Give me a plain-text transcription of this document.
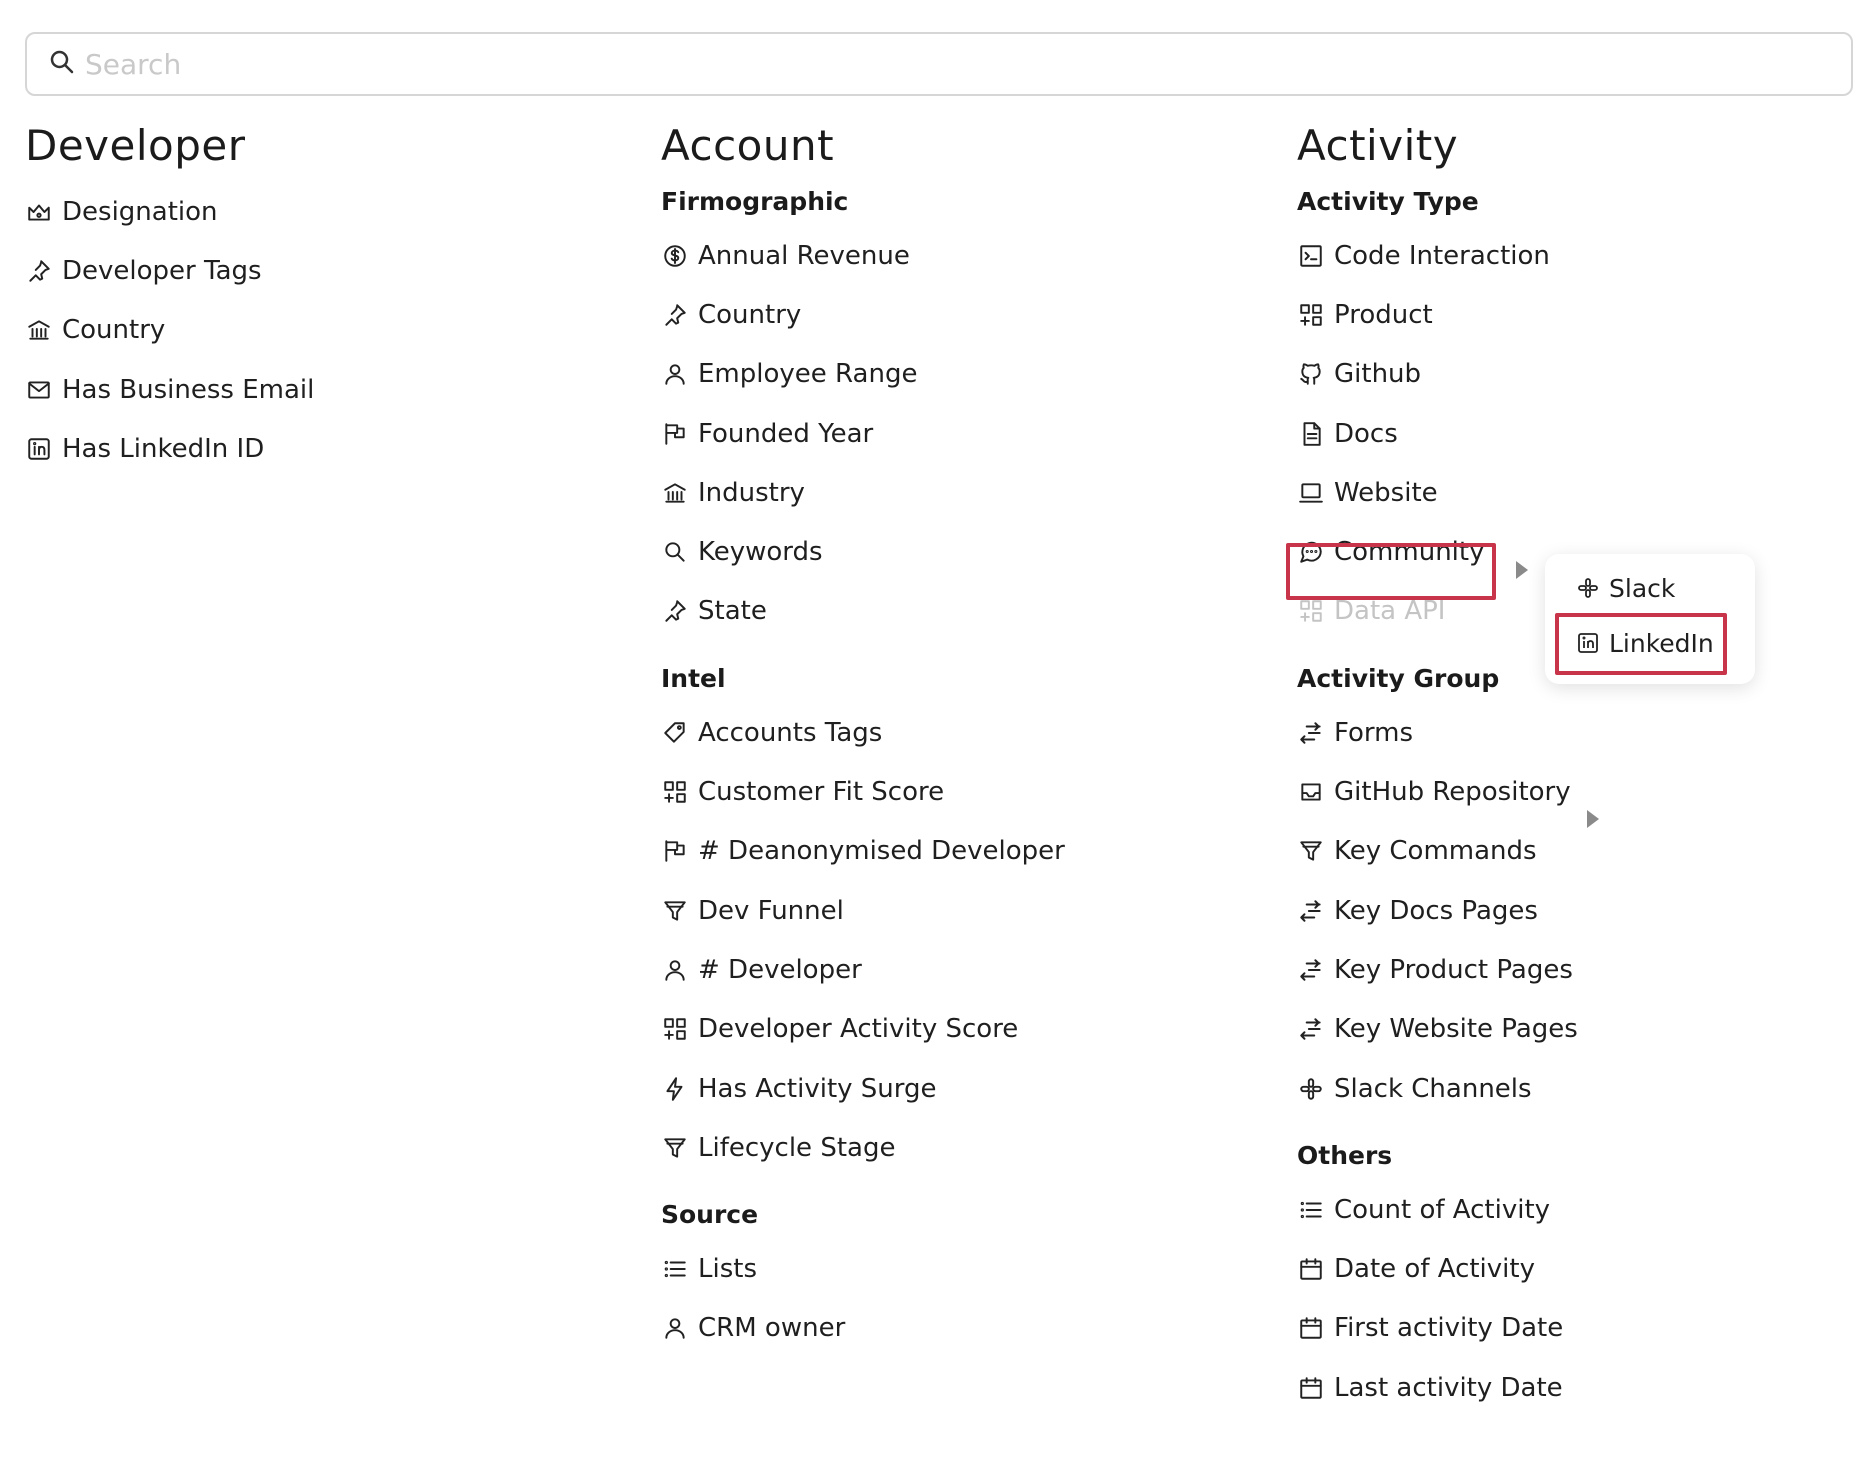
Search
Developer
Designation
Developer Tags
Country
Has Business Email
Has LinkedIn ID
Account
Firmographic
Annual Revenue
Country
Employee Range
Founded Year
Industry
Keywords
State
Intel
Accounts Tags
Customer Fit Score
# Deanonymised Developer
Dev Funnel
# Developer
Developer Activity Score
Has Activity Surge
Lifecycle Stage
Source
Lists
CRM owner
Activity
Activity Type
Code Interaction
Product
Github
Docs
Website
Community
Data API
Activity Group
Forms
GitHub Repository
Key Commands
Key Docs Pages
Key Product Pages
Key Website Pages
Slack Channels
Others
Count of Activity
Date of Activity
First activity Date
Last activity Date
Slack
LinkedIn
